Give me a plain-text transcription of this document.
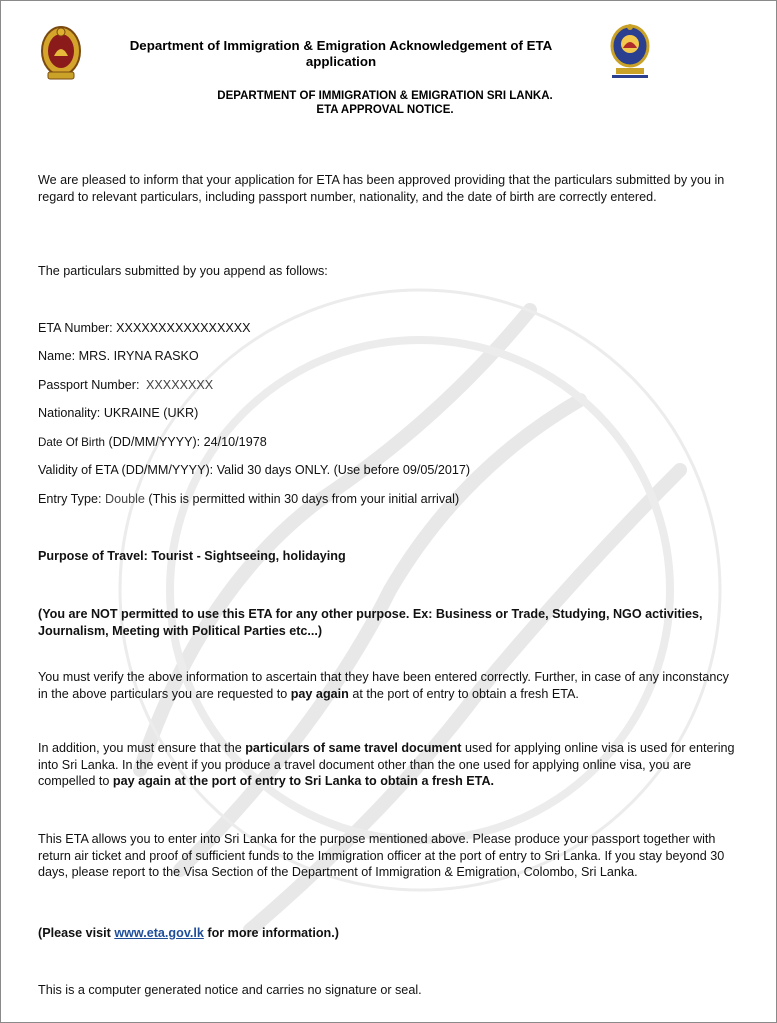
Department of Immigration & Emigration Acknowledgement of ETA
application
DEPARTMENT OF IMMIGRATION & EMIGRATION SRI LANKA.
ETA APPROVAL NOTICE.
We are pleased to inform that your application for ETA has been approved providing that the particulars submitted by you in regard to relevant particulars, including passport number, nationality, and the date of birth are correctly entered.
The particulars submitted by you append as follows:
ETA Number: XXXXXXXXXXXXXXXX
Name: MRS. IRYNA RASKO
Passport Number: XXXXXXXX
Nationality: UKRAINE (UKR)
Date Of Birth (DD/MM/YYYY): 24/10/1978
Validity of ETA (DD/MM/YYYY): Valid 30 days ONLY. (Use before 09/05/2017)
Entry Type: Double (This is permitted within 30 days from your initial arrival)
Purpose of Travel: Tourist - Sightseeing, holidaying
(You are NOT permitted to use this ETA for any other purpose. Ex: Business or Trade, Studying, NGO activities, Journalism, Meeting with Political Parties etc...)
You must verify the above information to ascertain that they have been entered correctly. Further, in case of any inconstancy in the above particulars you are requested to pay again at the port of entry to obtain a fresh ETA.
In addition, you must ensure that the particulars of same travel document used for applying online visa is used for entering into Sri Lanka. In the event if you produce a travel document other than the one used for applying online visa, you are compelled to pay again at the port of entry to Sri Lanka to obtain a fresh ETA.
This ETA allows you to enter into Sri Lanka for the purpose mentioned above. Please produce your passport together with return air ticket and proof of sufficient funds to the Immigration officer at the port of entry to Sri Lanka. If you stay beyond 30 days, please report to the Visa Section of the Department of Immigration & Emigration, Colombo, Sri Lanka.
(Please visit www.eta.gov.lk for more information.)
This is a computer generated notice and carries no signature or seal.
